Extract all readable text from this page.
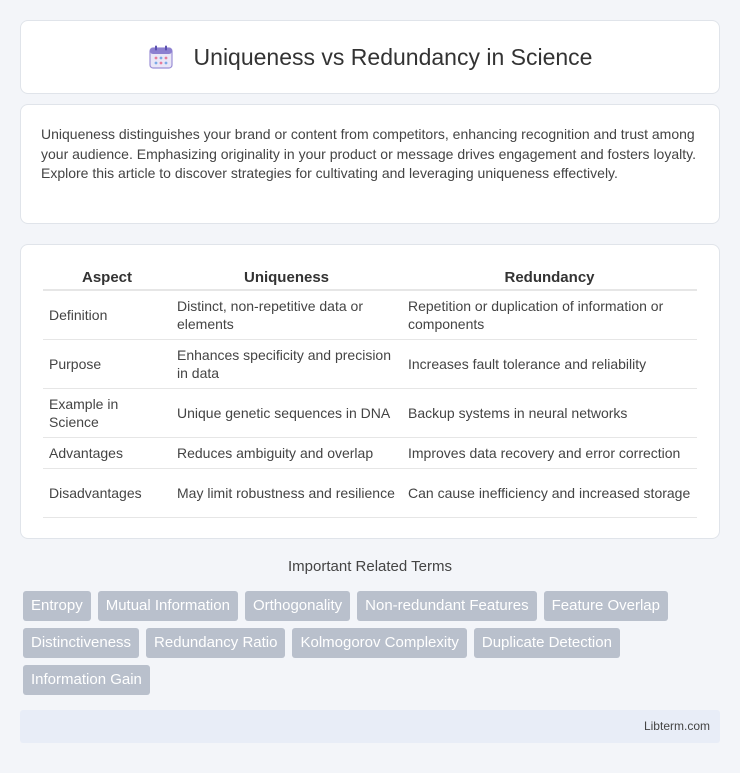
Uniqueness vs Redundancy in Science

Uniqueness distinguishes your brand or content from competitors, enhancing recognition and trust among your audience. Emphasizing originality in your product or message drives engagement and fosters loyalty. Explore this article to discover strategies for cultivating and leveraging uniqueness effectively.

Aspect	Uniqueness	Redundancy
Definition	Distinct, non-repetitive data or elements	Repetition or duplication of information or components
Purpose	Enhances specificity and precision in data	Increases fault tolerance and reliability
Example in Science	Unique genetic sequences in DNA	Backup systems in neural networks
Advantages	Reduces ambiguity and overlap	Improves data recovery and error correction
Disadvantages	May limit robustness and resilience	Can cause inefficiency and increased storage
Important Related Terms
Entropy	Mutual Information	Orthogonality	Non-redundant Features	Feature Overlap
Distinctiveness	Redundancy Ratio	Kolmogorov Complexity	Duplicate Detection
Information Gain
Libterm.com
